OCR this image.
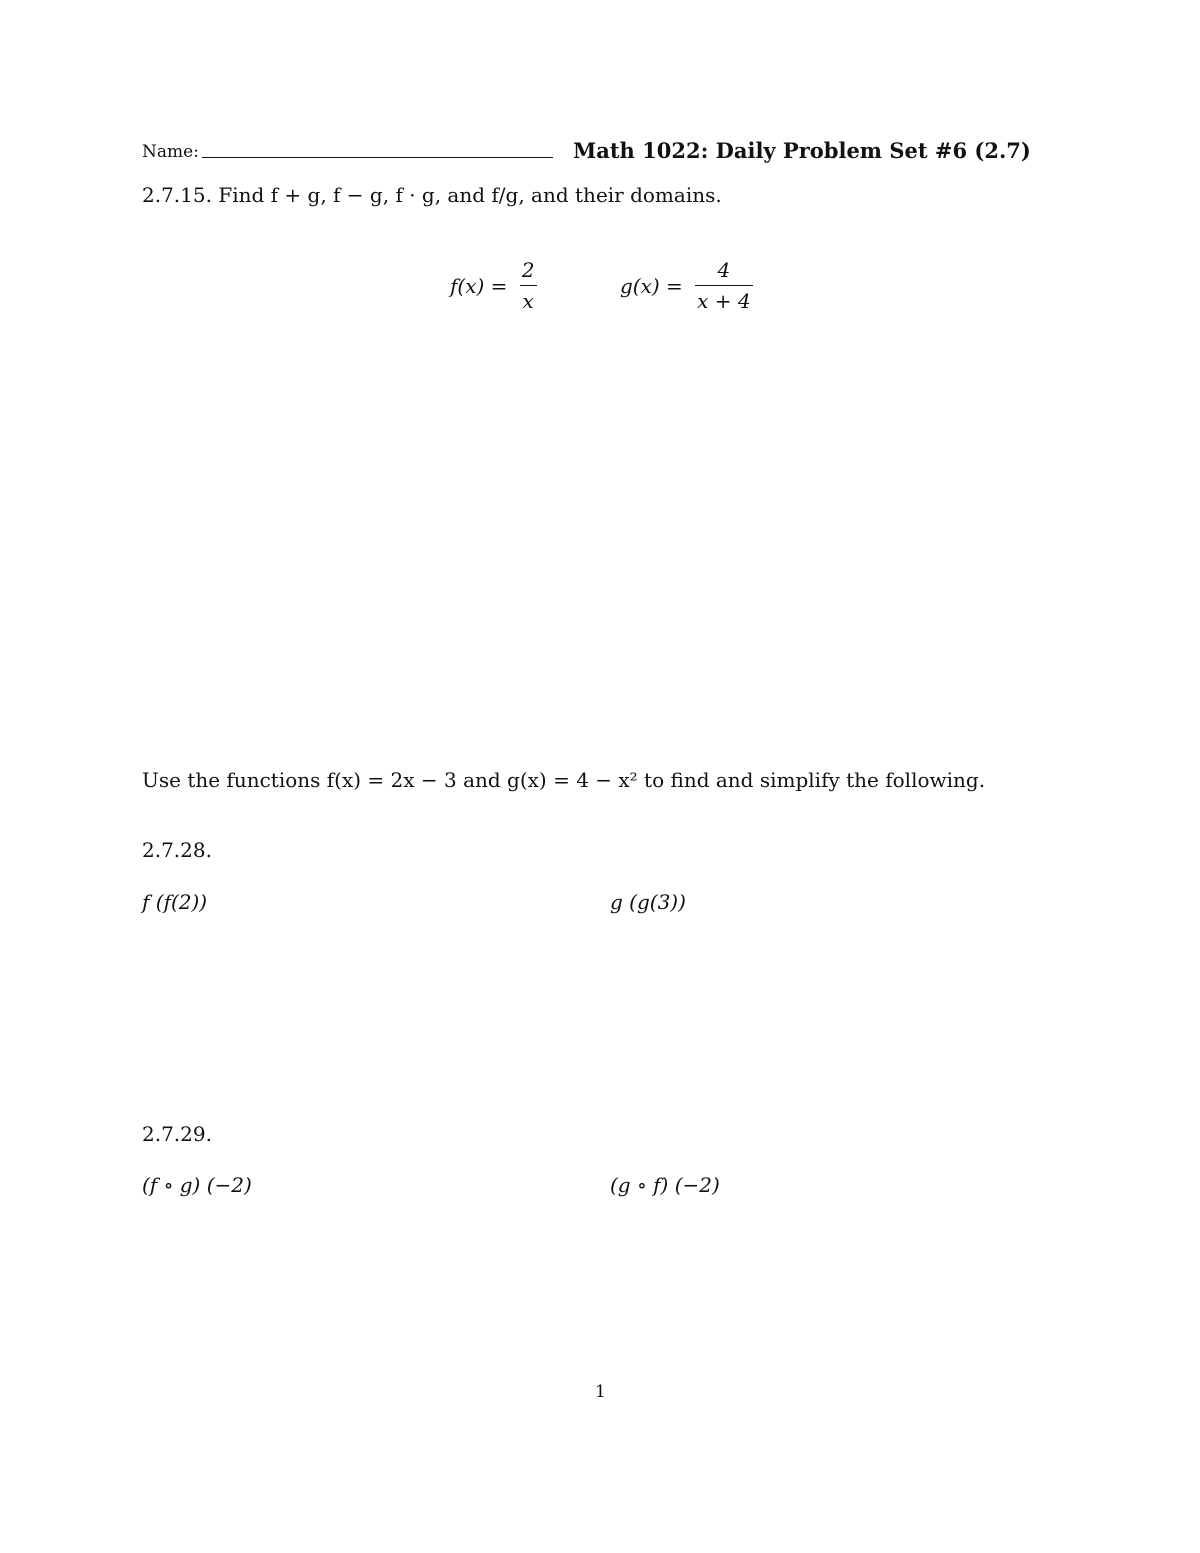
Name:	Math 1022: Daily Problem Set #6 (2.7)
2.7.15. Find f + g, f − g, f · g, and f/g, and their domains.
$f(x) = \frac{2}{x}$	$g(x) = \frac{4}{x + 4}$
Use the functions f(x) = 2x − 3 and g(x) = 4 − x² to find and simplify the following.
2.7.28.
f (f(2))	g (g(3))
2.7.29.
(f ∘ g) (−2)	(g ∘ f) (−2)
1
